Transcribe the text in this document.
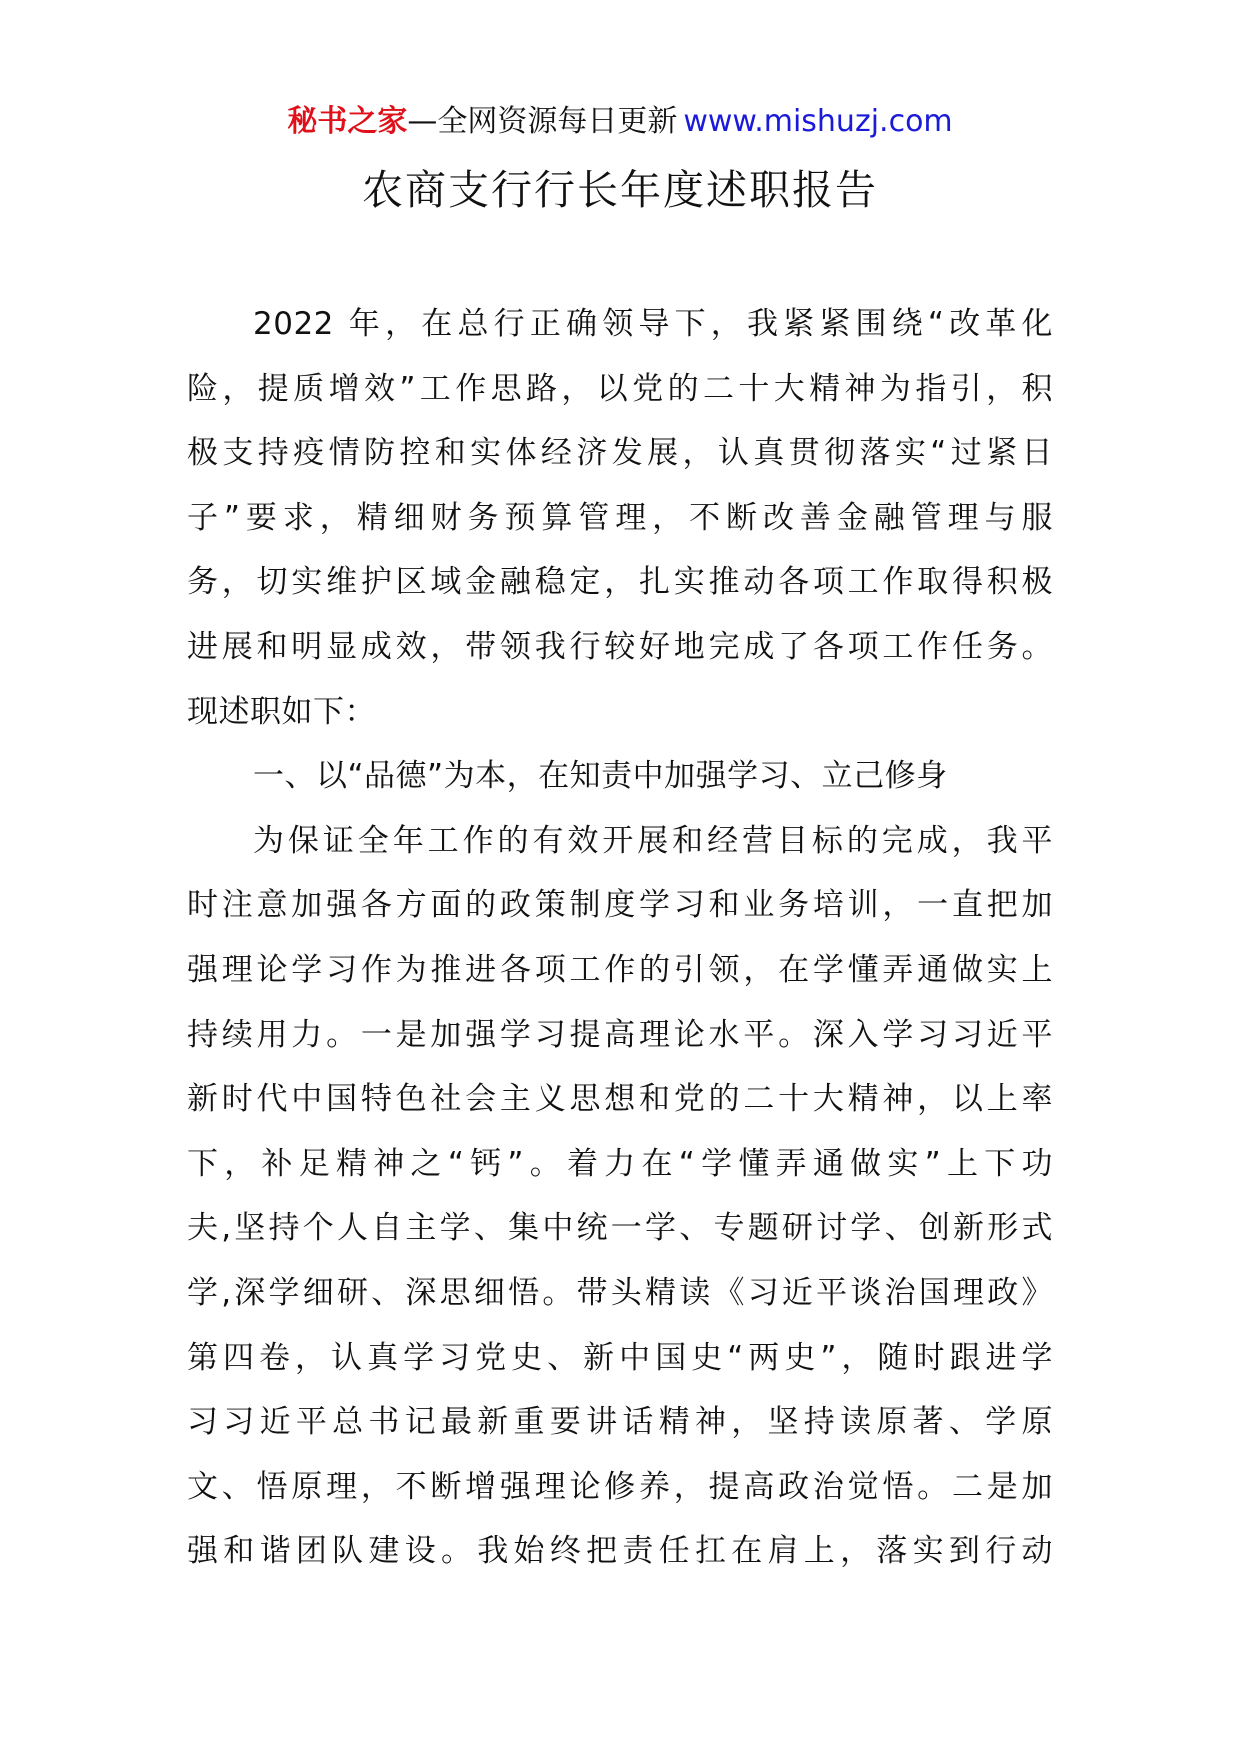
秘书之家—全网资源每日更新 www.mishuzj.com
农商支行行长年度述职报告
2022 年，在总行正确领导下，我紧紧围绕“改革化
险，提质增效”工作思路，以党的二十大精神为指引，积
极支持疫情防控和实体经济发展，认真贯彻落实“过紧日
子”要求，精细财务预算管理，不断改善金融管理与服
务，切实维护区域金融稳定，扎实推动各项工作取得积极
进展和明显成效，带领我行较好地完成了各项工作任务。
现述职如下：
一、以“品德”为本，在知责中加强学习、立己修身
为保证全年工作的有效开展和经营目标的完成，我平
时注意加强各方面的政策制度学习和业务培训，一直把加
强理论学习作为推进各项工作的引领，在学懂弄通做实上
持续用力。一是加强学习提高理论水平。深入学习习近平
新时代中国特色社会主义思想和党的二十大精神，以上率
下，补足精神之“钙”。着力在“学懂弄通做实”上下功
夫,坚持个人自主学、集中统一学、专题研讨学、创新形式
学,深学细研、深思细悟。带头精读《习近平谈治国理政》
第四卷，认真学习党史、新中国史“两史”，随时跟进学
习习近平总书记最新重要讲话精神，坚持读原著、学原
文、悟原理，不断增强理论修养，提高政治觉悟。二是加
强和谐团队建设。我始终把责任扛在肩上，落实到行动
